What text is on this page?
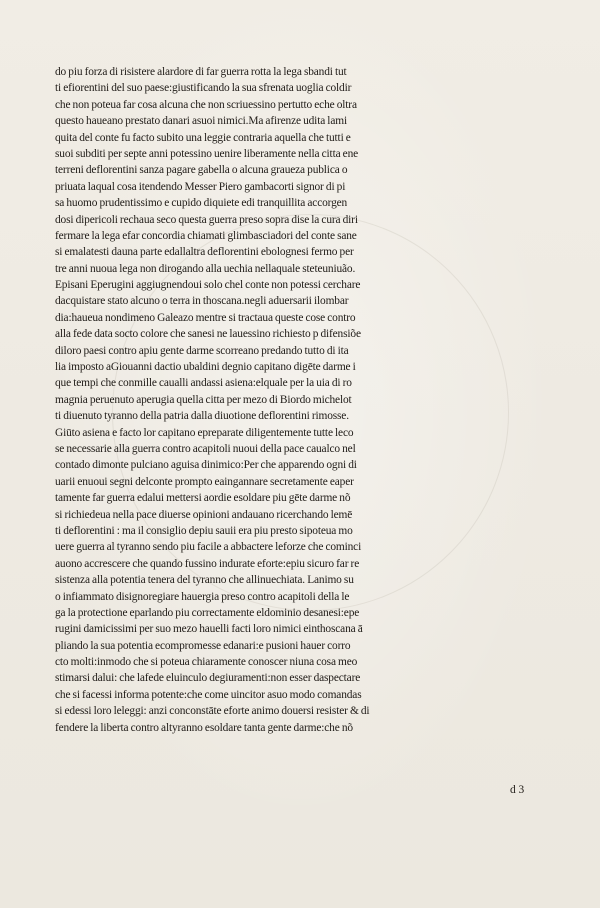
do piu forza di risistere alardore di far guerra rotta la lega sbandi tut
ti efiorentini del suo paese:giustificando la sua sfrenata uoglia coldir
che non poteua far cosa alcuna che non scriuessino pertutto eche oltra
questo haueano prestato danari asuoi nimici.Ma afirenze udita lami
quita del conte fu facto subito una leggie contraria aquella che tutti e
suoi subditi per septe anni potessino uenire liberamente nella citta ene
terreni deflorentini sanza pagare gabella o alcuna graueza publica o
priuata laqual cosa itendendo Messer Piero gambacorti signor di pi
sa huomo prudentissimo e cupido diquiete edi tranquillita accorgen
dosi dipericoli rechaua seco questa guerra preso sopra dise la cura diri
fermare la lega efar concordia chiamati glimbasciadori del conte sane
si emalatesti dauna parte edallaltra deflorentini ebolognesi fermo per
tre anni nuoua lega non dirogando alla uechia nellaquale steteuniuão.
Episani Eperugini aggiugnendoui solo chel conte non potessi cerchare
dacquistare stato alcuno o terra in thoscana.negli aduersarii ilombar
dia:haueua nondimeno Galeazo mentre si tractaua queste cose contro
alla fede data socto colore che sanesi ne lauessino richiesto p difensiõe
diloro paesi contro apiu gente darme scorreano predando tutto di ita
lia imposto aGiouanni dactio ubaldini degnio capitano digēte darme i
que tempi che conmille caualli andassi asiena:elquale per la uia di ro
magnia peruenuto aperugia quella citta per mezo di Biordo michelot
ti diuenuto tyranno della patria dalla diuotione deflorentini rimosse.
Giūto asiena e facto lor capitano epreparate diligentemente tutte leco
se necessarie alla guerra contro acapitoli nuoui della pace caualco nel
contado dimonte pulciano aguisa dinimico:Per che apparendo ogni di
uarii enuoui segni delconte prompto eaingannare secretamente eaper
tamente far guerra edalui mettersi aordie esoldare piu gēte darme nõ
si richiedeua nella pace diuerse opinioni andauano ricerchando lemē
ti deflorentini : ma il consiglio depiu sauii era piu presto sipoteua mo
uere guerra al tyranno sendo piu facile a abbactere leforze che cominci
auono accrescere che quando fussino indurate eforte:epiu sicuro far re
sistenza alla potentia tenera del tyranno che allinuechiata. Lanimo su
o infiammato disignoregiare hauergia preso contro acapitoli della le
ga la protectione eparlando piu correctamente eldominio desanesi:epe
rugini damicissimi per suo mezo hauelli facti loro nimici einthoscana ā
pliando la sua potentia ecompromesse edanari:e pusioni hauer corro
cto molti:inmodo che si poteua chiaramente conoscer niuna cosa meo
stimarsi dalui: che lafede eluinculo degiuramenti:non esser daspectare
che si facessi informa potente:che come uincitor asuo modo comandas
si edessi loro leleggi: anzi conconstāte eforte animo douersi resister & di
fendere la liberta contro altyranno esoldare tanta gente darme:che nõ
d 3
